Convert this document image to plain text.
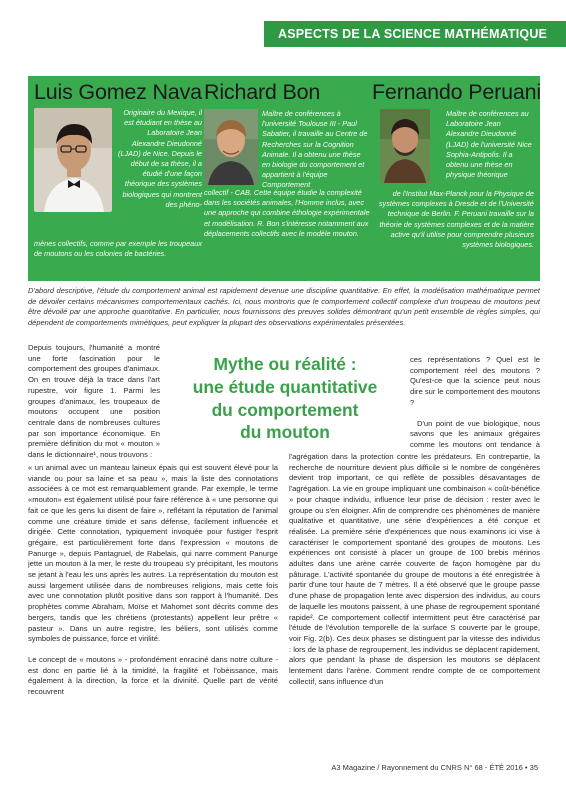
ASPECTS DE LA SCIENCE MATHÉMATIQUE
Luis Gomez Nava
Originaire du Mexique, il est étudiant en thèse au Laboratoire Jean Alexandre Dieudonné (LJAD) de Nice. Depuis le début de sa thèse, il a étudié d'une façon théorique des systèmes biologiques qui montrent des phéno-
mènes collectifs, comme par exemple les troupeaux de moutons ou les colonies de bactéries.
Richard Bon
Maître de conférences à l'université Toulouse III - Paul Sabatier, il travaille au Centre de Recherches sur la Cognition Animale. Il a obtenu une thèse en biologie du comportement et appartient à l'équipe Comportement
collectif - CAB. Cette équipe étudie la complexité dans les sociétés animales, l'Homme inclus, avec une approche qui combine éthologie expérimentale et modélisation. R. Bon s'intéresse notamment aux déplacements collectifs avec le modèle mouton.
Fernando Peruani
Maître de conférences au Laboratoire Jean Alexandre Dieudonné (LJAD) de l'université Nice Sophia-Antipolis. Il a obtenu une thèse en physique théorique
de l'Institut Max-Planck pour la Physique de systèmes complexes à Dresde et de l'Université technique de Berlin. F. Peruani travaille sur la théorie de systèmes complexes et de la matière active qu'il utilise pour comprendre plusieurs systèmes biologiques.
D'abord descriptive, l'étude du comportement animal est rapidement devenue une discipline quantitative. En effet, la modélisation mathématique permet de dévoiler certains mécanismes comportementaux cachés. Ici, nous montrons que le comportement collectif complexe d'un troupeau de moutons peut être dévoilé par une approche quantitative. En particulier, nous fournissons des preuves solides démontrant qu'un petit ensemble de règles simples, qui dépendent de comportements mimétiques, peut expliquer la plupart des observations expérimentales présentées.
Mythe ou réalité :
une étude quantitative
du comportement
du mouton

Depuis toujours, l'humanité a montré une forte fascination pour le comportement des groupes d'animaux. On en trouve déjà la trace dans l'art rupestre, voir figure 1. Parmi les groupes d'animaux, les troupeaux de moutons occupent une position centrale dans de nombreuses cultures par son importance économique. En première définition du mot « mouton » dans le dictionnaire¹, nous trouvons :

« un animal avec un manteau laineux épais qui est souvent élevé pour la viande ou pour sa laine et sa peau », mais la liste des connotations associées à ce mot est remarquablement grande. Par exemple, le terme «mouton» est également utilisé pour faire référence à « une personne qui fait ce que les gens lui disent de faire », reflétant la réputation de l'animal comme une créature timide et sans défense, facilement influencée et dirigée. Cette connotation, typiquement invoquée pour fustiger l'esprit grégaire, est particulièrement forte dans l'expression « moutons de Panurge », depuis Pantagruel, de Rabelais, qui narre comment Panurge jette un mouton à la mer, le reste du troupeau s'y précipitant, les moutons se jetant à l'eau les uns après les autres. La représentation du mouton est aussi largement utilisée dans de nombreuses religions, mais cette fois avec une connotation plutôt positive dans son rapport à l'humanité. Des prophètes comme Abraham, Moïse et Mahomet sont décrits comme des bergers, tandis que les chrétiens (protestants) appellent leur prêtre « pasteur ». Dans un autre registre, les béliers, sont utilisés comme symboles de puissance, force et virilité.

Le concept de « moutons » - profondément enraciné dans notre culture - est donc en partie lié à la timidité, la fragilité et l'obéissance, mais également à la direction, la force et la divinité. Quelle part de vérité recouvrent

ces représentations ? Quel est le comportement réel des moutons ? Qu'est-ce que la science peut nous dire sur le comportement des moutons ?

D'un point de vue biologique, nous savons que les animaux grégaires comme les moutons ont tendance à

l'agrégation dans la protection contre les prédateurs. En contrepartie, la recherche de nourriture devient plus difficile si le nombre de congénères devient trop important, ce qui reflète de possibles désavantages de l'agrégation. La vie en groupe impliquant une combinaison « coût-bénéfice » pour chaque individu, influence leur prise de décision : rester avec le groupe ou s'en éloigner. Afin de comprendre ces phénomènes de manière qualitative et quantitative, une série d'expériences a été conçue et réalisée. La première série d'expériences que nous examinons ici vise à caractériser le comportement spontané des groupes de moutons. Les expériences ont consisté à placer un groupe de 100 brebis mérinos adultes dans une arène carrée couverte de façon homogène par du pâturage. L'activité spontanée du groupe de moutons a été enregistrée à partir d'une tour haute de 7 mètres. Il a été observé que le groupe passe d'une phase de propagation lente avec dispersion des individus, au cours de laquelle les moutons paissent, à une phase de regroupement spontané rapide². Ce comportement collectif intermittent peut être caractérisé par l'étude de l'évolution temporelle de la surface S couverte par le groupe, voir Fig. 2(b). Ces deux phases se distinguent par la vitesse des individus : lors de la phase de regroupement, les individus se déplacent rapidement, alors que pendant la phase de dispersion les moutons se déplacent lentement dans l'arène. Comment rendre compte de ce comportement collectif, sans influence d'un

A3 Magazine / Rayonnement du CNRS N° 68 - ÉTÉ 2016 • 35
